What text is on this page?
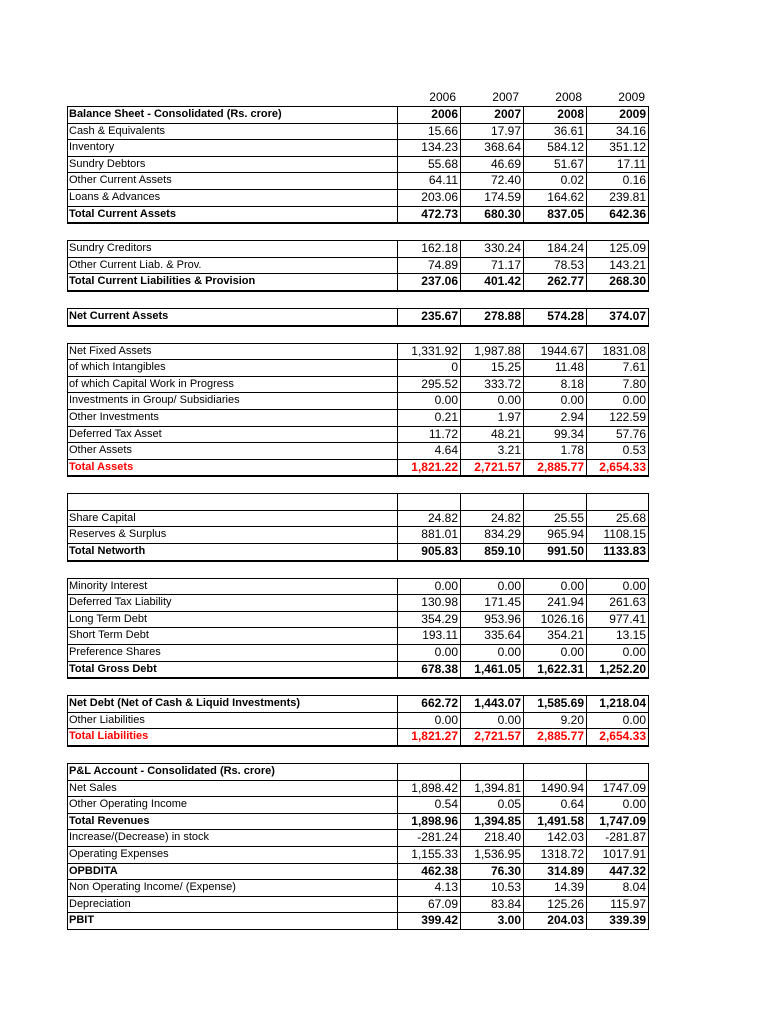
2006	2007	2008	2009
Balance Sheet - Consolidated (Rs. crore)	2006	2007	2008	2009
Cash & Equivalents	15.66	17.97	36.61	34.16
Inventory	134.23	368.64	584.12	351.12
Sundry Debtors	55.68	46.69	51.67	17.11
Other Current Assets	64.11	72.40	0.02	0.16
Loans & Advances	203.06	174.59	164.62	239.81
Total Current Assets	472.73	680.30	837.05	642.36
Sundry Creditors	162.18	330.24	184.24	125.09
Other Current Liab. & Prov.	74.89	71.17	78.53	143.21
Total Current Liabilities & Provision	237.06	401.42	262.77	268.30
Net Current Assets	235.67	278.88	574.28	374.07
Net Fixed Assets	1,331.92	1,987.88	1944.67	1831.08
of which Intangibles	0	15.25	11.48	7.61
of which Capital Work in Progress	295.52	333.72	8.18	7.80
Investments in Group/ Subsidiaries	0.00	0.00	0.00	0.00
Other Investments	0.21	1.97	2.94	122.59
Deferred Tax Asset	11.72	48.21	99.34	57.76
Other Assets	4.64	3.21	1.78	0.53
Total Assets	1,821.22	2,721.57	2,885.77	2,654.33
Share Capital	24.82	24.82	25.55	25.68
Reserves & Surplus	881.01	834.29	965.94	1108.15
Total Networth	905.83	859.10	991.50	1133.83
Minority Interest	0.00	0.00	0.00	0.00
Deferred Tax Liability	130.98	171.45	241.94	261.63
Long Term Debt	354.29	953.96	1026.16	977.41
Short Term Debt	193.11	335.64	354.21	13.15
Preference Shares	0.00	0.00	0.00	0.00
Total Gross Debt	678.38	1,461.05	1,622.31	1,252.20
Net Debt (Net of Cash & Liquid Investments)	662.72	1,443.07	1,585.69	1,218.04
Other Liabilities	0.00	0.00	9.20	0.00
Total Liabilities	1,821.27	2,721.57	2,885.77	2,654.33
P&L Account - Consolidated (Rs. crore)
Net Sales	1,898.42	1,394.81	1490.94	1747.09
Other Operating Income	0.54	0.05	0.64	0.00
Total Revenues	1,898.96	1,394.85	1,491.58	1,747.09
Increase/(Decrease) in stock	-281.24	218.40	142.03	-281.87
Operating Expenses	1,155.33	1,536.95	1318.72	1017.91
OPBDITA	462.38	76.30	314.89	447.32
Non Operating Income/ (Expense)	4.13	10.53	14.39	8.04
Depreciation	67.09	83.84	125.26	115.97
PBIT	399.42	3.00	204.03	339.39
